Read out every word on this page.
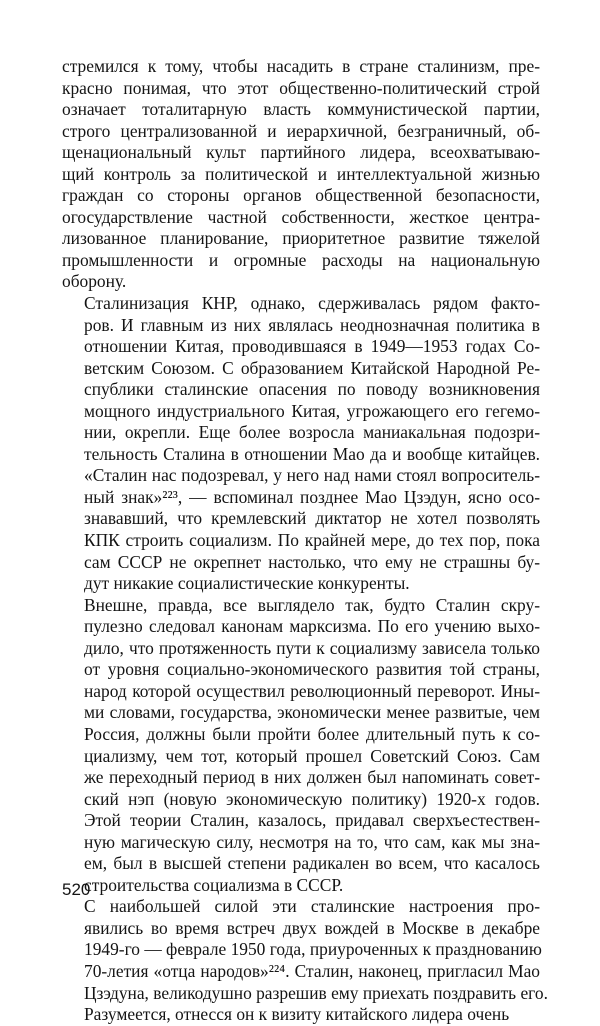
стремился к тому, чтобы насадить в стране сталинизм, пре-
красно понимая, что этот общественно-политический строй
означает тоталитарную власть коммунистической партии,
строго централизованной и иерархичной, безграничный, об-
щенациональный культ партийного лидера, всеохватываю-
щий контроль за политической и интеллектуальной жизнью
граждан со стороны органов общественной безопасности,
огосударствление частной собственности, жесткое центра-
лизованное планирование, приоритетное развитие тяжелой
промышленности и огромные расходы на национальную
оборону.
Сталинизация КНР, однако, сдерживалась рядом факто-
ров. И главным из них являлась неоднозначная политика в
отношении Китая, проводившаяся в 1949—1953 годах Со-
ветским Союзом. С образованием Китайской Народной Ре-
спублики сталинские опасения по поводу возникновения
мощного индустриального Китая, угрожающего его гегемо-
нии, окрепли. Еще более возросла маниакальная подозри-
тельность Сталина в отношении Мао да и вообще китайцев.
«Сталин нас подозревал, у него над нами стоял вопроситель-
ный знак»²²³, — вспоминал позднее Мао Цзэдун, ясно осо-
знававший, что кремлевский диктатор не хотел позволять
КПК строить социализм. По крайней мере, до тех пор, пока
сам СССР не окрепнет настолько, что ему не страшны бу-
дут никакие социалистические конкуренты.
Внешне, правда, все выглядело так, будто Сталин скру-
пулезно следовал канонам марксизма. По его учению выхо-
дило, что протяженность пути к социализму зависела только
от уровня социально-экономического развития той страны,
народ которой осуществил революционный переворот. Ины-
ми словами, государства, экономически менее развитые, чем
Россия, должны были пройти более длительный путь к со-
циализму, чем тот, который прошел Советский Союз. Сам
же переходный период в них должен был напоминать совет-
ский нэп (новую экономическую политику) 1920-х годов.
Этой теории Сталин, казалось, придавал сверхъестествен-
ную магическую силу, несмотря на то, что сам, как мы зна-
ем, был в высшей степени радикален во всем, что касалось
строительства социализма в СССР.
С наибольшей силой эти сталинские настроения про-
явились во время встреч двух вождей в Москве в декабре
1949-го — феврале 1950 года, приуроченных к празднованию
70-летия «отца народов»²²⁴. Сталин, наконец, пригласил Мао
Цзэдуна, великодушно разрешив ему приехать поздравить его.
Разумеется, отнесся он к визиту китайского лидера очень
520
